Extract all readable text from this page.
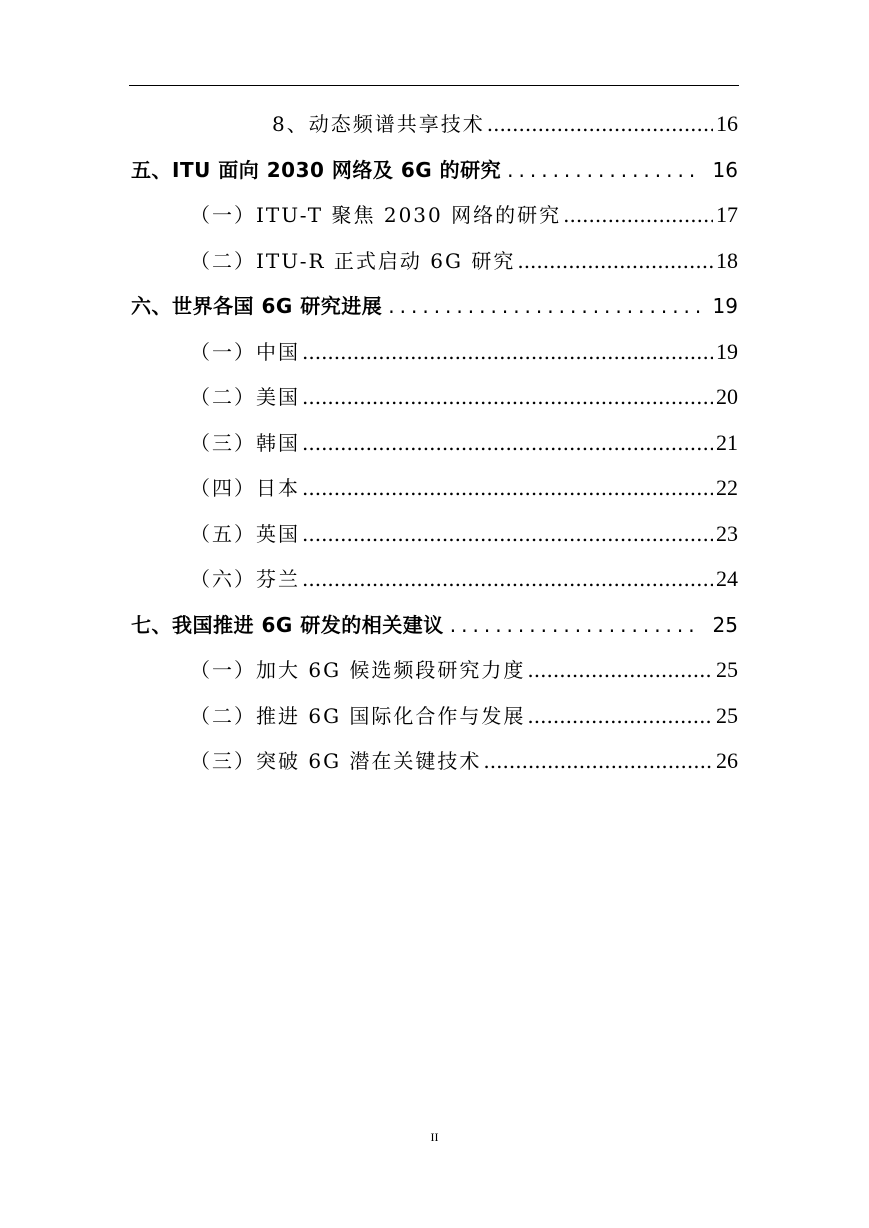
8、动态频谱共享技术 .....	16
五、ITU 面向 2030 网络及 6G 的研究 .....	16
（一）ITU-T 聚焦 2030 网络的研究 .....	17
（二）ITU-R 正式启动 6G 研究 .....	18
六、世界各国 6G 研究进展 .....	19
（一）中国 .....	19
（二）美国 .....	20
（三）韩国 .....	21
（四）日本 .....	22
（五）英国 .....	23
（六）芬兰 .....	24
七、我国推进 6G 研发的相关建议 .....	25
（一）加大 6G 候选频段研究力度 .....	25
（二）推进 6G 国际化合作与发展 .....	25
（三）突破 6G 潜在关键技术 .....	26
II
